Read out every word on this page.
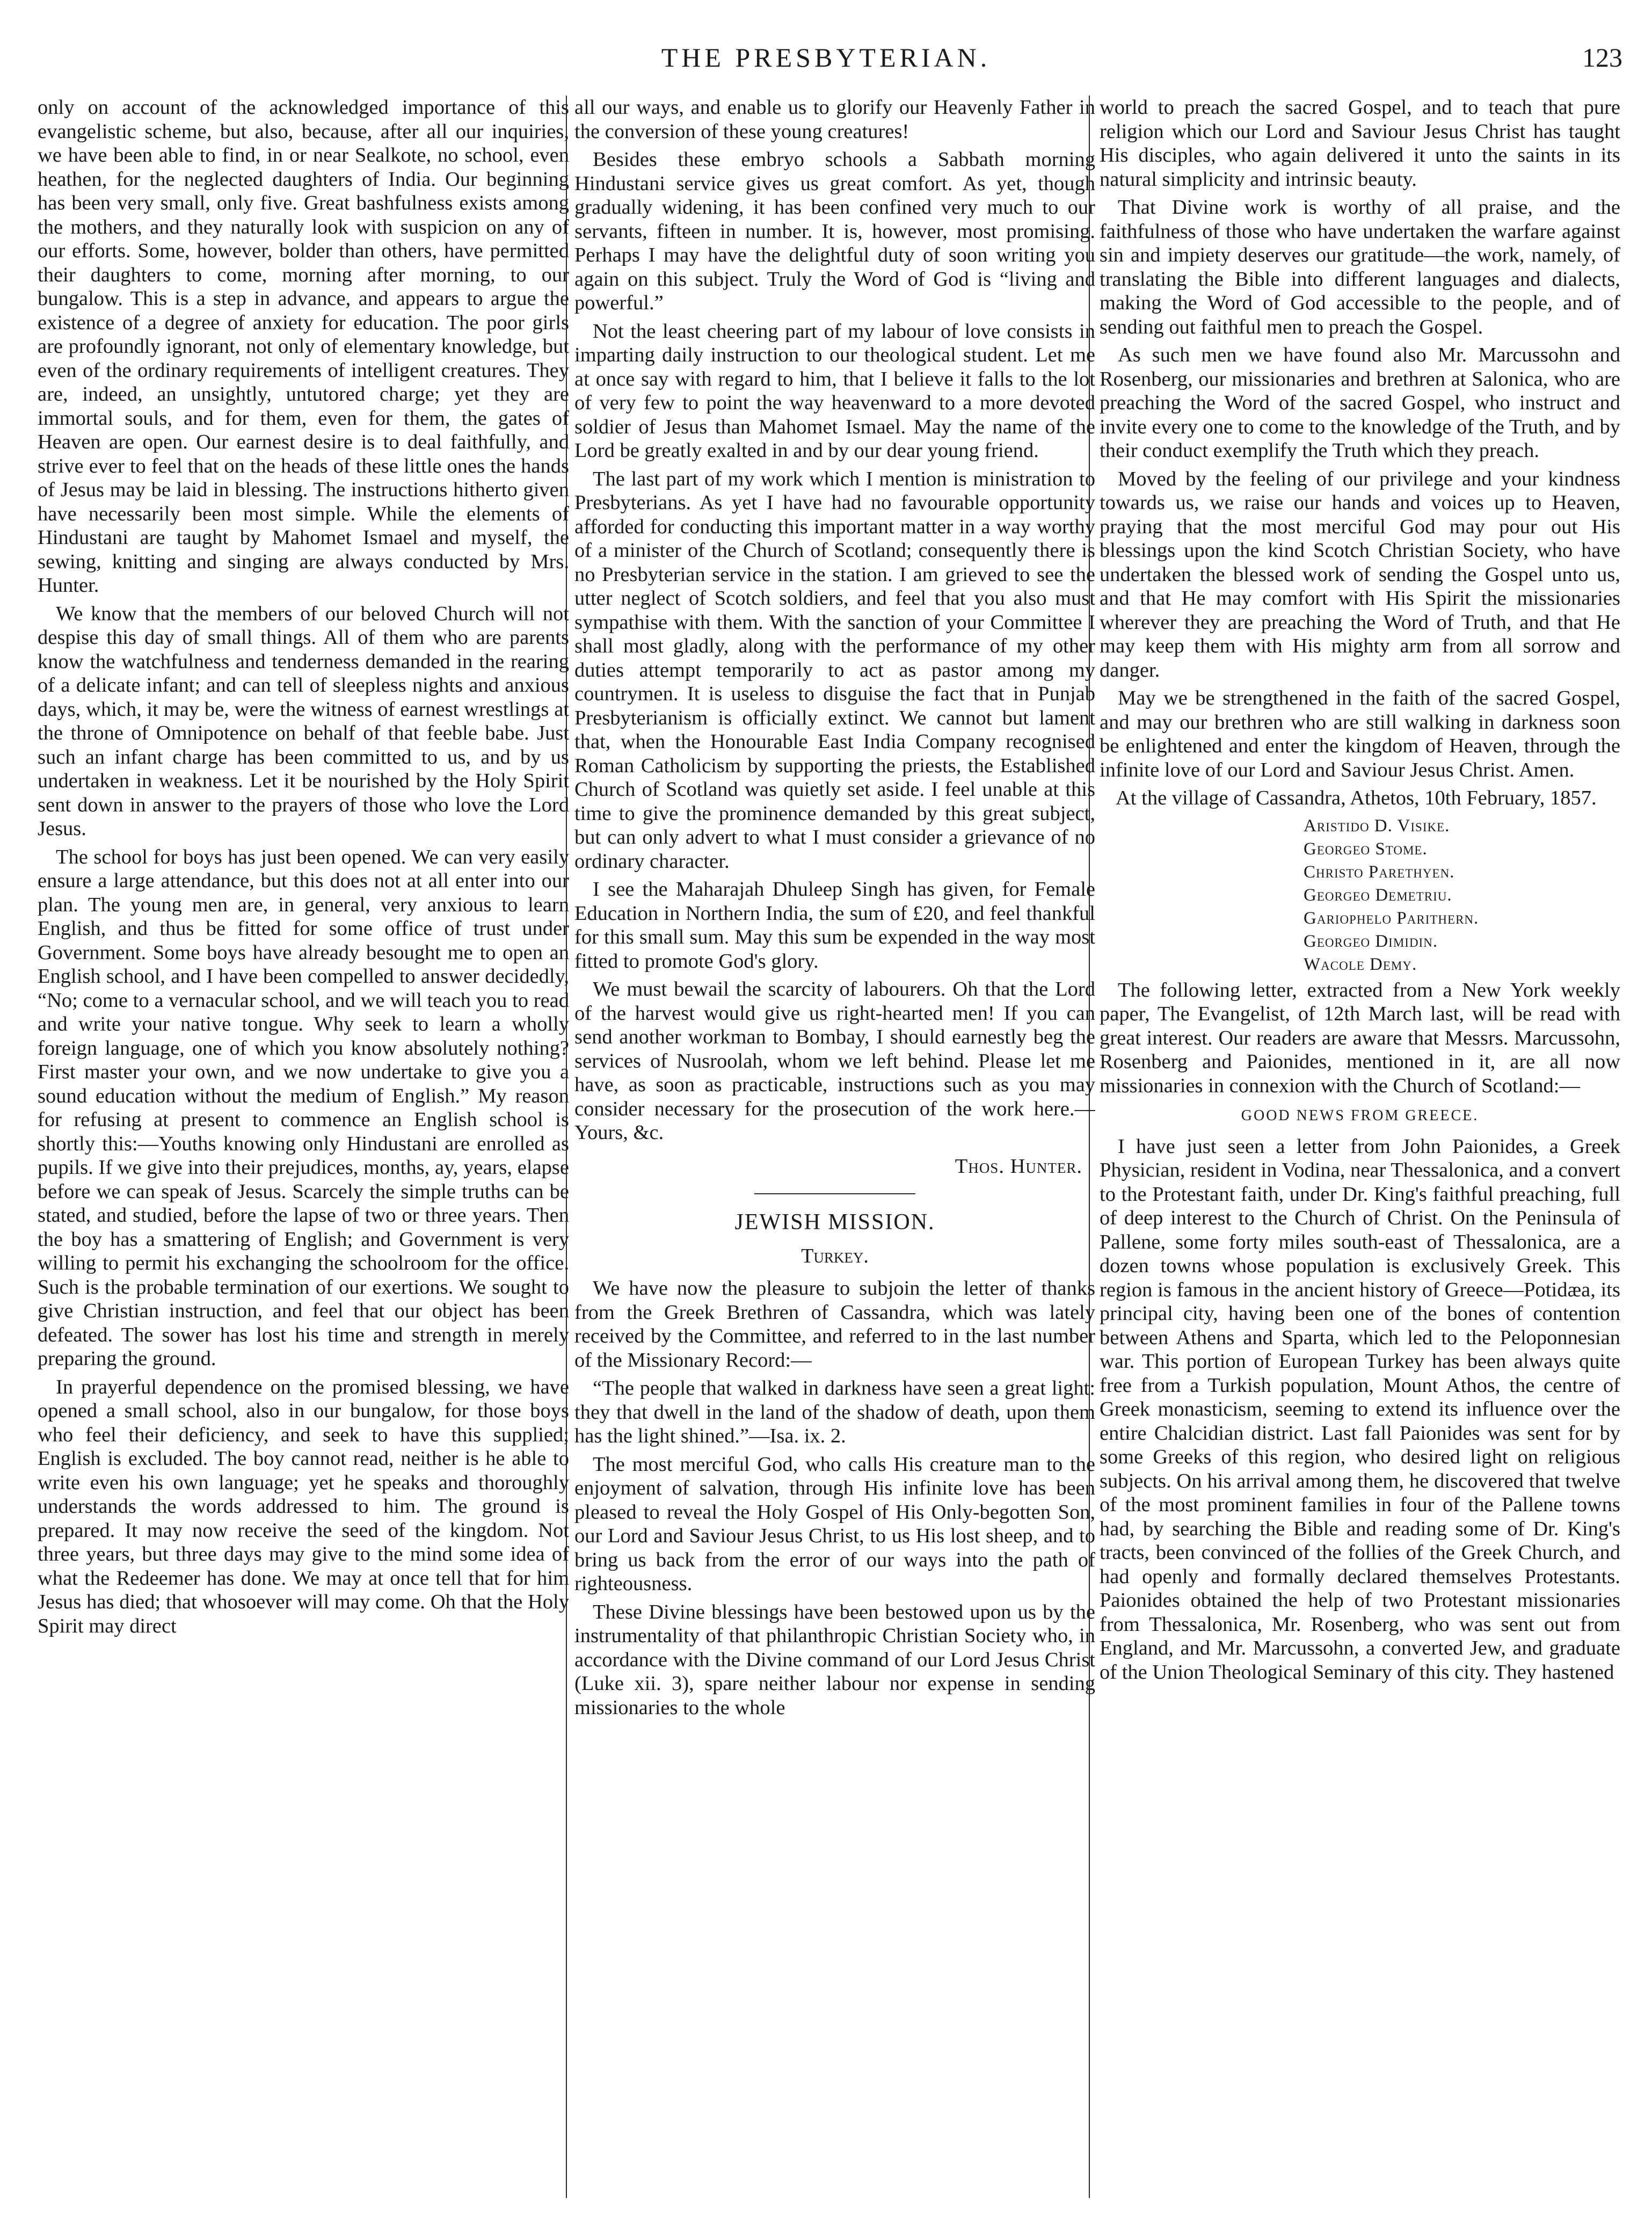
THE PRESBYTERIAN.	123

only on account of the acknowledged importance of this evangelistic scheme, but also, because, after all our inquiries, we have been able to find, in or near Sealkote, no school, even heathen, for the neglected daughters of India. Our beginning has been very small, only five. Great bashfulness exists among the mothers, and they naturally look with suspicion on any of our efforts. Some, however, bolder than others, have permitted their daughters to come, morning after morning, to our bungalow. This is a step in advance, and appears to argue the existence of a degree of anxiety for education. The poor girls are profoundly ignorant, not only of elementary knowledge, but even of the ordinary requirements of intelligent creatures. They are, indeed, an unsightly, untutored charge; yet they are immortal souls, and for them, even for them, the gates of Heaven are open. Our earnest desire is to deal faithfully, and strive ever to feel that on the heads of these little ones the hands of Jesus may be laid in blessing. The instructions hitherto given have necessarily been most simple. While the elements of Hindustani are taught by Mahomet Ismael and myself, the sewing, knitting and singing are always conducted by Mrs. Hunter.

We know that the members of our beloved Church will not despise this day of small things. All of them who are parents know the watchfulness and tenderness demanded in the rearing of a delicate infant; and can tell of sleepless nights and anxious days, which, it may be, were the witness of earnest wrestlings at the throne of Omnipotence on behalf of that feeble babe. Just such an infant charge has been committed to us, and by us undertaken in weakness. Let it be nourished by the Holy Spirit sent down in answer to the prayers of those who love the Lord Jesus.

The school for boys has just been opened. We can very easily ensure a large attendance, but this does not at all enter into our plan. The young men are, in general, very anxious to learn English, and thus be fitted for some office of trust under Government. Some boys have already besought me to open an English school, and I have been compelled to answer decidedly, “No; come to a vernacular school, and we will teach you to read and write your native tongue. Why seek to learn a wholly foreign language, one of which you know absolutely nothing? First master your own, and we now undertake to give you a sound education without the medium of English.” My reason for refusing at present to commence an English school is shortly this:—Youths knowing only Hindustani are enrolled as pupils. If we give into their prejudices, months, ay, years, elapse before we can speak of Jesus. Scarcely the simple truths can be stated, and studied, before the lapse of two or three years. Then the boy has a smattering of English; and Government is very willing to permit his exchanging the schoolroom for the office. Such is the probable termination of our exertions. We sought to give Christian instruction, and feel that our object has been defeated. The sower has lost his time and strength in merely preparing the ground.

In prayerful dependence on the promised blessing, we have opened a small school, also in our bungalow, for those boys who feel their deficiency, and seek to have this supplied; English is excluded. The boy cannot read, neither is he able to write even his own language; yet he speaks and thoroughly understands the words addressed to him. The ground is prepared. It may now receive the seed of the kingdom. Not three years, but three days may give to the mind some idea of what the Redeemer has done. We may at once tell that for him Jesus has died; that whosoever will may come. Oh that the Holy Spirit may direct

all our ways, and enable us to glorify our Heavenly Father in the conversion of these young creatures!

Besides these embryo schools a Sabbath morning Hindustani service gives us great comfort. As yet, though gradually widening, it has been confined very much to our servants, fifteen in number. It is, however, most promising. Perhaps I may have the delightful duty of soon writing you again on this subject. Truly the Word of God is “living and powerful.”

Not the least cheering part of my labour of love consists in imparting daily instruction to our theological student. Let me at once say with regard to him, that I believe it falls to the lot of very few to point the way heavenward to a more devoted soldier of Jesus than Mahomet Ismael. May the name of the Lord be greatly exalted in and by our dear young friend.

The last part of my work which I mention is ministration to Presbyterians. As yet I have had no favourable opportunity afforded for conducting this important matter in a way worthy of a minister of the Church of Scotland; consequently there is no Presbyterian service in the station. I am grieved to see the utter neglect of Scotch soldiers, and feel that you also must sympathise with them. With the sanction of your Committee I shall most gladly, along with the performance of my other duties attempt temporarily to act as pastor among my countrymen. It is useless to disguise the fact that in Punjab Presbyterianism is officially extinct. We cannot but lament that, when the Honourable East India Company recognised Roman Catholicism by supporting the priests, the Established Church of Scotland was quietly set aside. I feel unable at this time to give the prominence demanded by this great subject, but can only advert to what I must consider a grievance of no ordinary character.

I see the Maharajah Dhuleep Singh has given, for Female Education in Northern India, the sum of £20, and feel thankful for this small sum. May this sum be expended in the way most fitted to promote God's glory.

We must bewail the scarcity of labourers. Oh that the Lord of the harvest would give us right-hearted men! If you can send another workman to Bombay, I should earnestly beg the services of Nusroolah, whom we left behind. Please let me have, as soon as practicable, instructions such as you may consider necessary for the prosecution of the work here.—Yours, &c.

Thos. Hunter.

JEWISH MISSION.

Turkey.

We have now the pleasure to subjoin the letter of thanks from the Greek Brethren of Cassandra, which was lately received by the Committee, and referred to in the last number of the Missionary Record:—

“The people that walked in darkness have seen a great light: they that dwell in the land of the shadow of death, upon them has the light shined.”—Isa. ix. 2.

The most merciful God, who calls His creature man to the enjoyment of salvation, through His infinite love has been pleased to reveal the Holy Gospel of His Only-begotten Son, our Lord and Saviour Jesus Christ, to us His lost sheep, and to bring us back from the error of our ways into the path of righteousness.

These Divine blessings have been bestowed upon us by the instrumentality of that philanthropic Christian Society who, in accordance with the Divine command of our Lord Jesus Christ (Luke xii. 3), spare neither labour nor expense in sending missionaries to the whole

world to preach the sacred Gospel, and to teach that pure religion which our Lord and Saviour Jesus Christ has taught His disciples, who again delivered it unto the saints in its natural simplicity and intrinsic beauty.

That Divine work is worthy of all praise, and the faithfulness of those who have undertaken the warfare against sin and impiety deserves our gratitude—the work, namely, of translating the Bible into different languages and dialects, making the Word of God accessible to the people, and of sending out faithful men to preach the Gospel.

As such men we have found also Mr. Marcussohn and Rosenberg, our missionaries and brethren at Salonica, who are preaching the Word of the sacred Gospel, who instruct and invite every one to come to the knowledge of the Truth, and by their conduct exemplify the Truth which they preach.

Moved by the feeling of our privilege and your kindness towards us, we raise our hands and voices up to Heaven, praying that the most merciful God may pour out His blessings upon the kind Scotch Christian Society, who have undertaken the blessed work of sending the Gospel unto us, and that He may comfort with His Spirit the missionaries wherever they are preaching the Word of Truth, and that He may keep them with His mighty arm from all sorrow and danger.

May we be strengthened in the faith of the sacred Gospel, and may our brethren who are still walking in darkness soon be enlightened and enter the kingdom of Heaven, through the infinite love of our Lord and Saviour Jesus Christ. Amen.

At the village of Cassandra, Athetos, 10th February, 1857.

Aristido D. Visike.
Georgeo Stome.
Christo Parethyen.
Georgeo Demetriu.
Gariophelo Parithern.
Georgeo Dimidin.
Wacole Demy.

The following letter, extracted from a New York weekly paper, The Evangelist, of 12th March last, will be read with great interest. Our readers are aware that Messrs. Marcussohn, Rosenberg and Paionides, mentioned in it, are all now missionaries in connexion with the Church of Scotland:—

GOOD NEWS FROM GREECE.

I have just seen a letter from John Paionides, a Greek Physician, resident in Vodina, near Thessalonica, and a convert to the Protestant faith, under Dr. King's faithful preaching, full of deep interest to the Church of Christ. On the Peninsula of Pallene, some forty miles south-east of Thessalonica, are a dozen towns whose population is exclusively Greek. This region is famous in the ancient history of Greece—Potidæa, its principal city, having been one of the bones of contention between Athens and Sparta, which led to the Peloponnesian war. This portion of European Turkey has been always quite free from a Turkish population, Mount Athos, the centre of Greek monasticism, seeming to extend its influence over the entire Chalcidian district. Last fall Paionides was sent for by some Greeks of this region, who desired light on religious subjects. On his arrival among them, he discovered that twelve of the most prominent families in four of the Pallene towns had, by searching the Bible and reading some of Dr. King's tracts, been convinced of the follies of the Greek Church, and had openly and formally declared themselves Protestants. Paionides obtained the help of two Protestant missionaries from Thessalonica, Mr. Rosenberg, who was sent out from England, and Mr. Marcussohn, a converted Jew, and graduate of the Union Theological Seminary of this city. They hastened
